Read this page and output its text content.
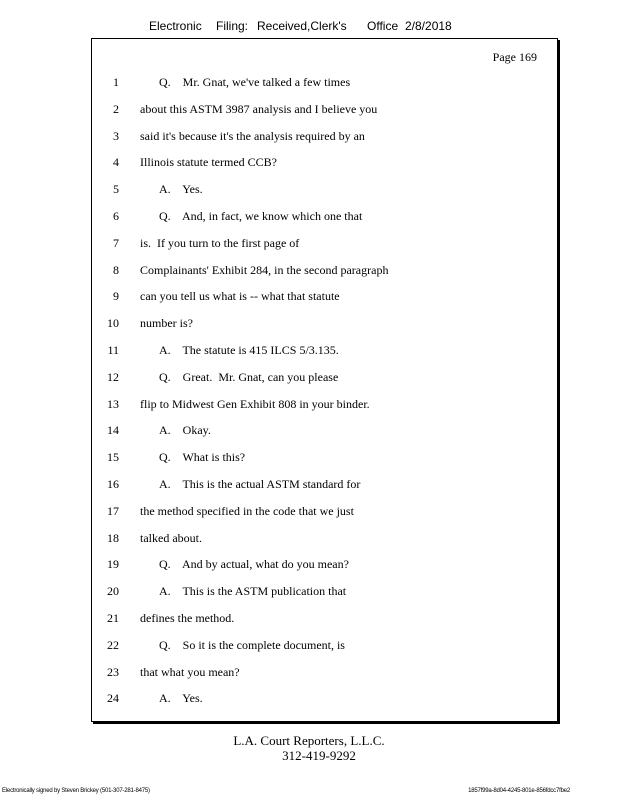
Electronic Filing: Received,Clerk's Office 2/8/2018
Page 169
1	Q.    Mr. Gnat, we've talked a few times
2 about this ASTM 3987 analysis and I believe you
3 said it's because it's the analysis required by an
4 Illinois statute termed CCB?
5	A.    Yes.
6	Q.    And, in fact, we know which one that
7 is.  If you turn to the first page of
8 Complainants' Exhibit 284, in the second paragraph
9 can you tell us what is -- what that statute
10 number is?
11	A.    The statute is 415 ILCS 5/3.135.
12	Q.    Great.  Mr. Gnat, can you please
13 flip to Midwest Gen Exhibit 808 in your binder.
14	A.    Okay.
15	Q.    What is this?
16	A.    This is the actual ASTM standard for
17 the method specified in the code that we just
18 talked about.
19	Q.    And by actual, what do you mean?
20	A.    This is the ASTM publication that
21 defines the method.
22	Q.    So it is the complete document, is
23 that what you mean?
24	A.    Yes.
L.A. Court Reporters, L.L.C.
312-419-9292
Electronically signed by Steven Brickey (501-307-281-8475)	1857f99a-8d04-4245-801e-856fdcc7fbe2
